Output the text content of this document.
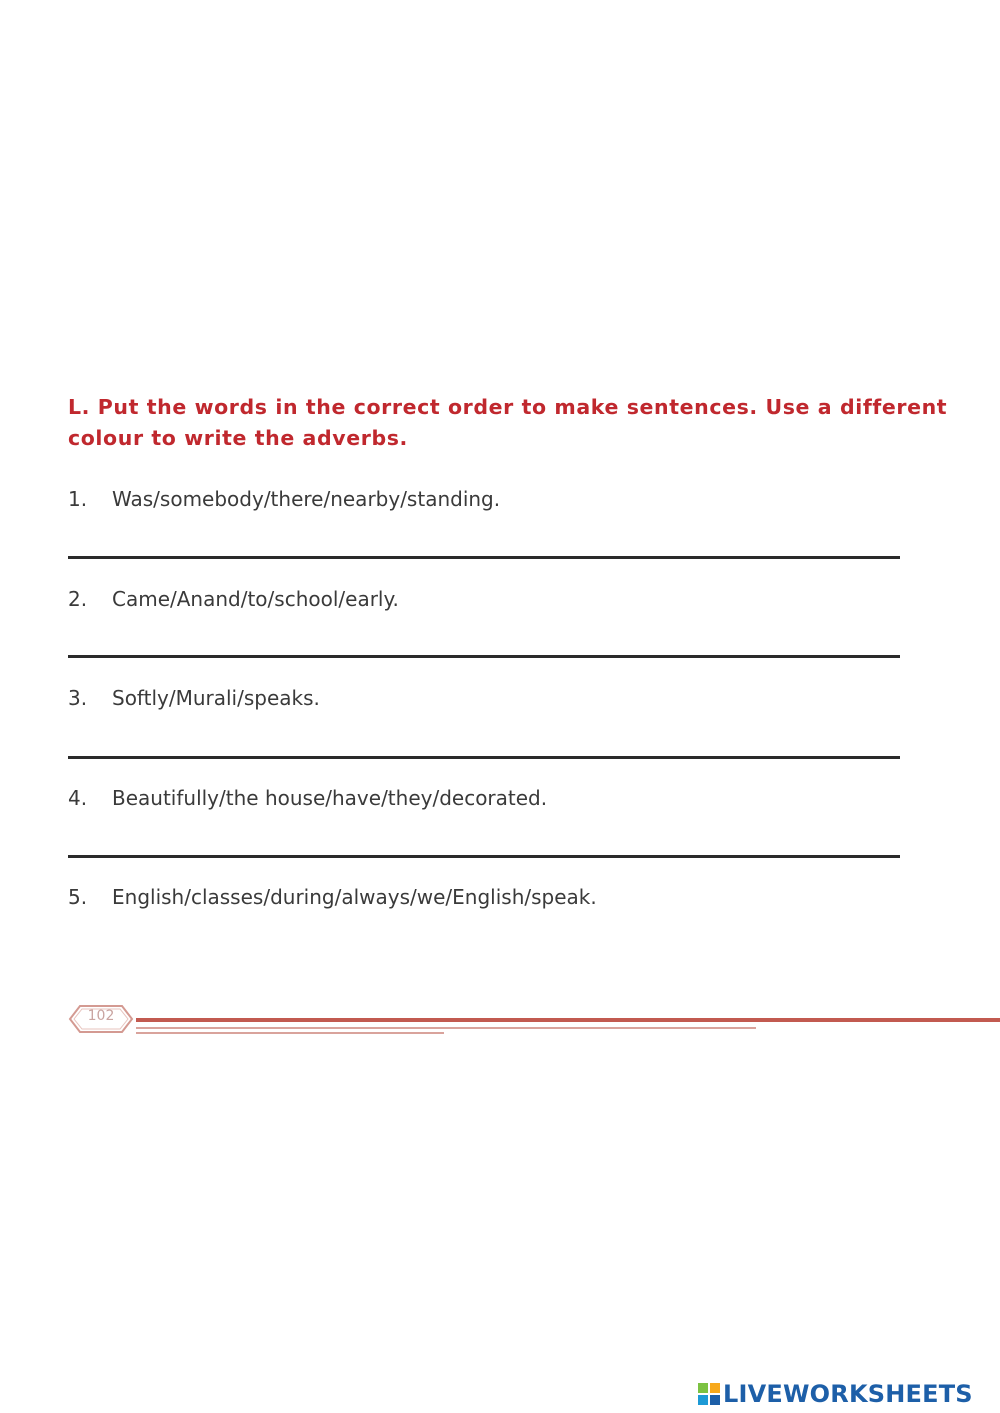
L. Put the words in the correct order to make sentences. Use a different colour to write the adverbs.

1.	Was/somebody/there/nearby/standing.
2.	Came/Anand/to/school/early.
3.	Softly/Murali/speaks.
4.	Beautifully/the house/have/they/decorated.
5.	English/classes/during/always/we/English/speak.
102
LIVEWORKSHEETS
